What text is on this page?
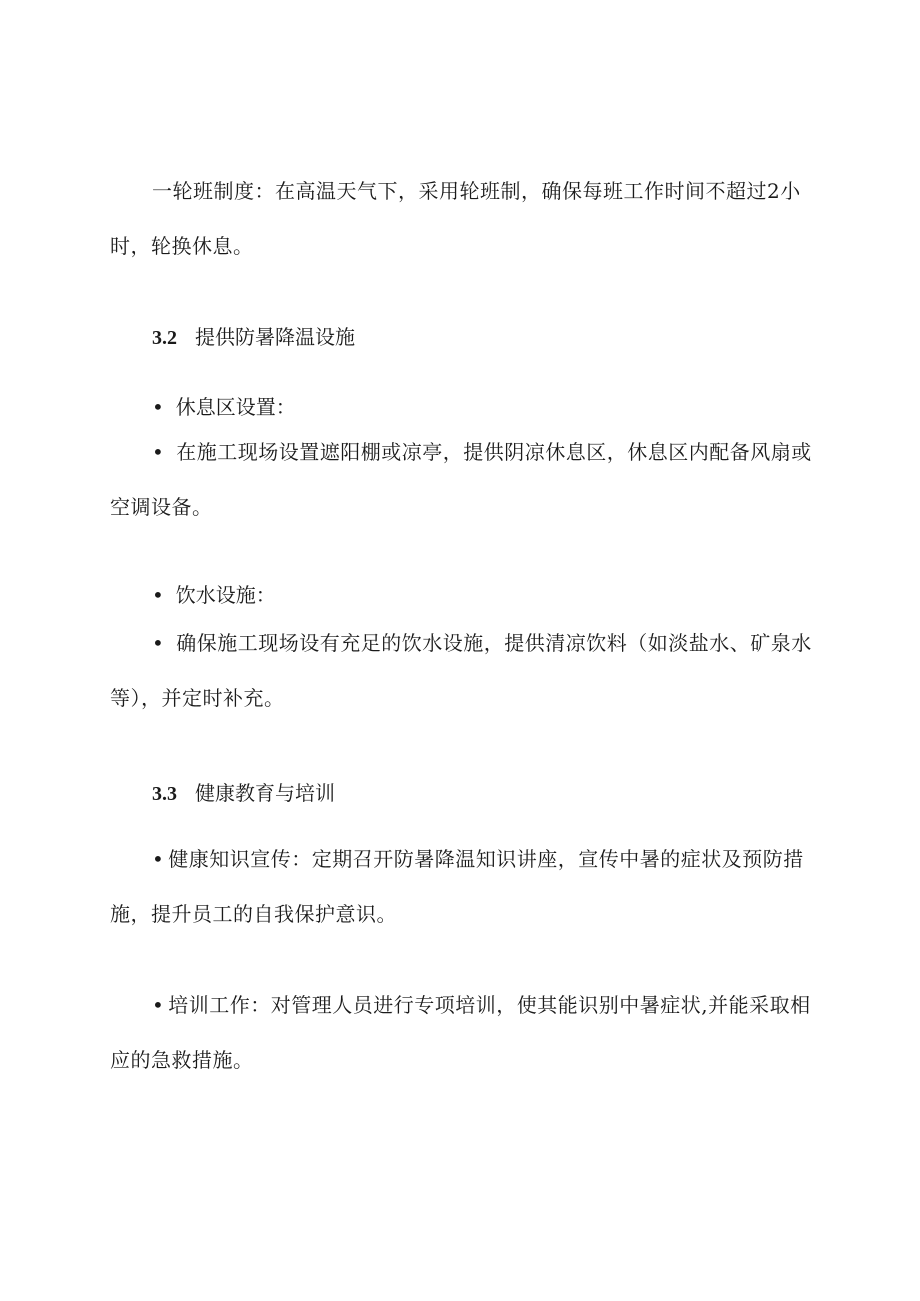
一轮班制度：在高温天气下，采用轮班制，确保每班工作时间不超过2小时，轮换休息。

3.2 提供防暑降温设施

• 休息区设置：

• 在施工现场设置遮阳棚或凉亭，提供阴凉休息区，休息区内配备风扇或空调设备。

• 饮水设施：

• 确保施工现场设有充足的饮水设施，提供清凉饮料（如淡盐水、矿泉水等），并定时补充。

3.3 健康教育与培训

• 健康知识宣传：定期召开防暑降温知识讲座，宣传中暑的症状及预防措施，提升员工的自我保护意识。

• 培训工作：对管理人员进行专项培训，使其能识别中暑症状,并能采取相应的急救措施。
